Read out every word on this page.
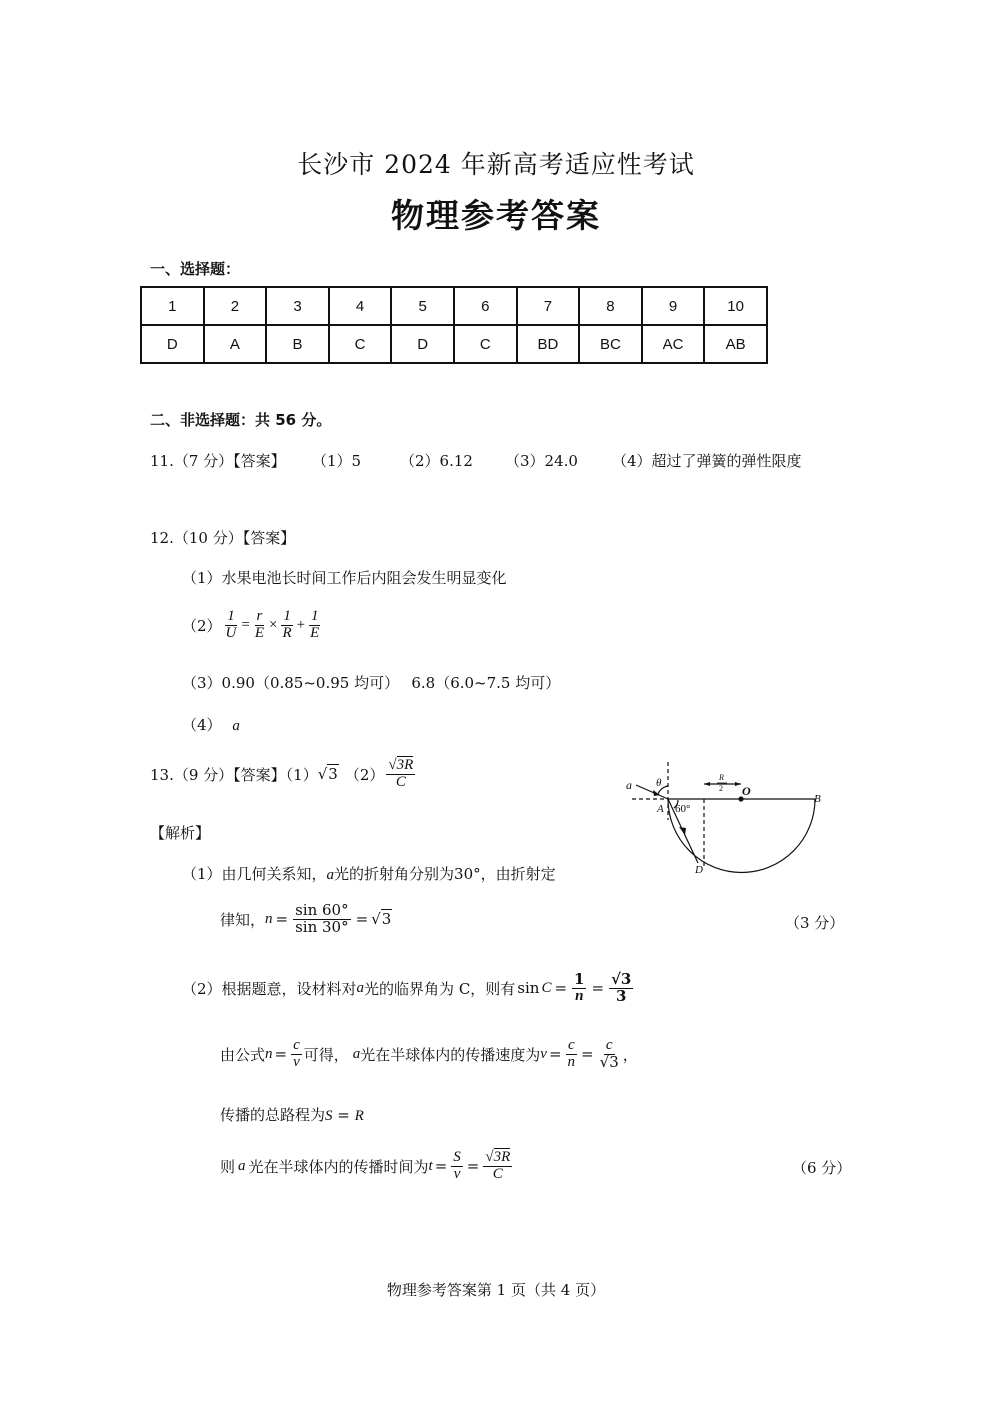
长沙市 2024 年新高考适应性考试
物理参考答案
一、选择题：
1	2	3	4	5	6	7	8	9	10
D	A	B	C	D	C	BD	BC	AC	AB
二、非选择题：共 56 分。
11.（7 分）【答案】 （1）5	（2）6.12 （3）24.0 （4）超过了弹簧的弹性限度
12.（10 分）【答案】
（1）水果电池长时间工作后内阻会发生明显变化
$(2) \frac{1}{U} = \frac{r}{E} \times \frac{1}{R} + \frac{1}{E}$
（3）0.90（0.85~0.95 均可）　 6.8（6.0~7.5 均可）
（4） a
13.（9 分）【答案】（1） √3 $(2) \frac{√3R}{C}$	a θ
A 60°
R
2 O
B
D
【解析】
（1）由几何关系知，a光的折射角分别为30°，由折射定
律知， $n = \frac{\sin 60^\circ}{\sin 30^\circ} = √3$	（3 分）
（2）根据题意，设材料对 a 光的临界角为 C，则有 $\sin C = \frac{1}{n} = \frac{√3}{3}$
由公式 $n = \frac{c}{v}$ 可得， a 光在半球体内的传播速度为 $v = \frac{c}{n} = \frac{c}{√3}$ ，
传播的总路程为S = R
则 a 光在半球体内的传播时间为 $t = \frac{S}{v} = \frac{√3R}{C}$	（6 分）
物理参考答案第 1 页（共 4 页）
